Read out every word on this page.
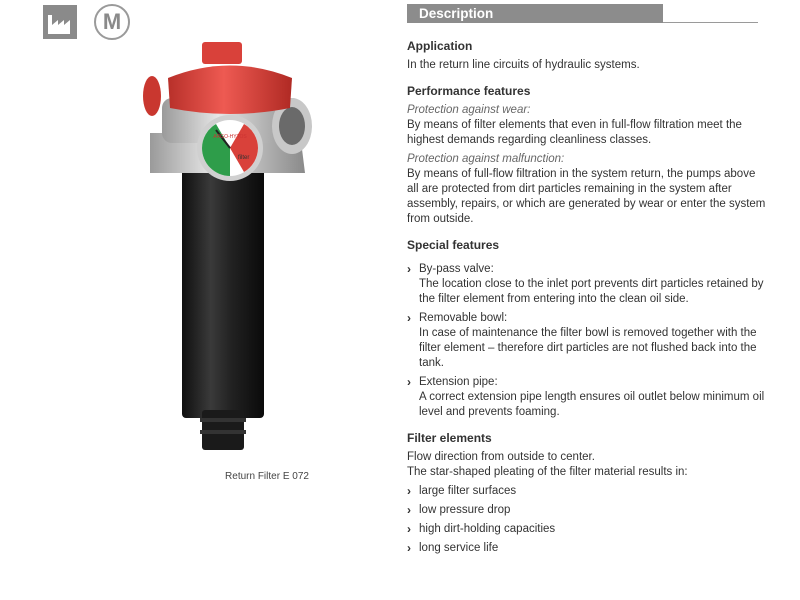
M
ARGO-HYTOS
filter
Return Filter E 072
Description

Application

In the return line circuits of hydraulic systems.

Performance features

Protection against wear:

By means of filter elements that even in full-flow filtration meet the highest demands regarding cleanliness classes.

Protection against malfunction:

By means of full-flow filtration in the system return, the pumps above all are protected from dirt particles remaining in the system after assembly, repairs, or which are generated by wear or enter the system from outside.

Special features

› By-pass valve:
The location close to the inlet port prevents dirt particles retained by the filter element from entering into the clean oil side.
› Removable bowl:
In case of maintenance the filter bowl is removed together with the filter element – therefore dirt particles are not flushed back into the tank.
› Extension pipe:
A correct extension pipe length ensures oil outlet below minimum oil level and prevents foaming.

Filter elements

Flow direction from outside to center.

The star-shaped pleating of the filter material results in:

› large filter surfaces
› low pressure drop
› high dirt-holding capacities
› long service life
